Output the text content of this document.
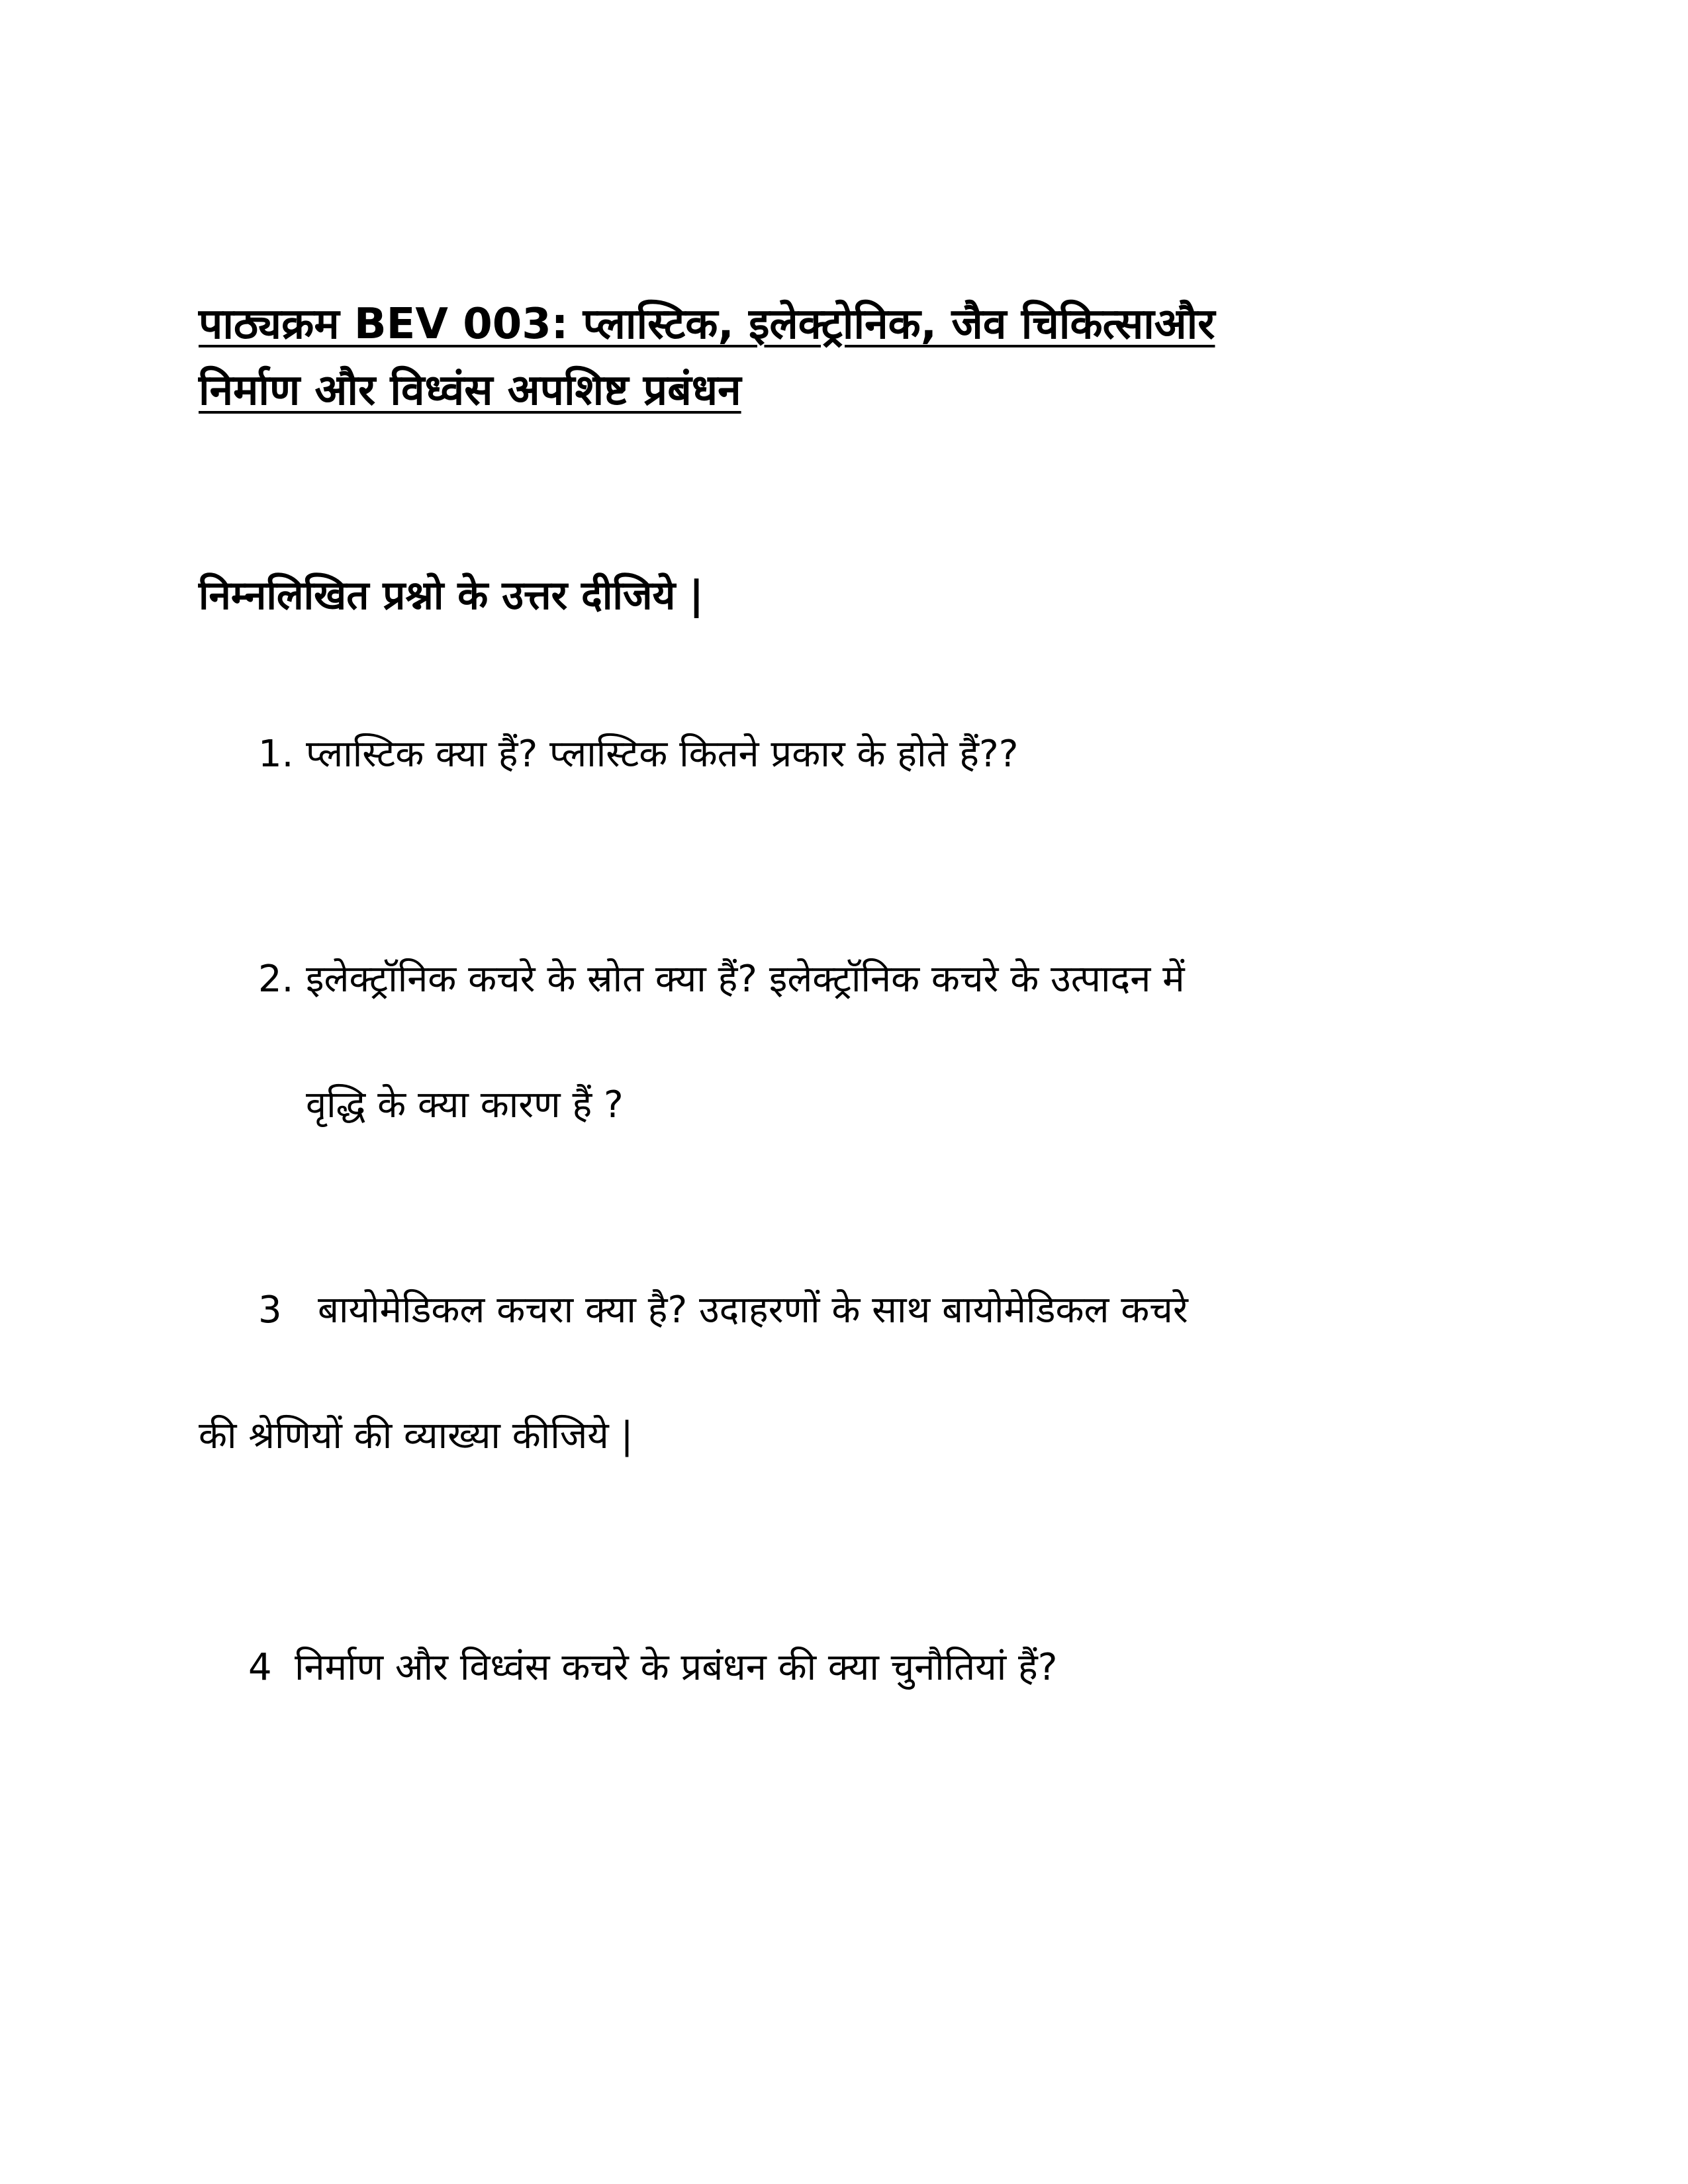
पाठ्यक्रम BEV 003: प्लास्टिक, इलेक्ट्रोनिक, जैव चिकित्साऔर
निर्माण और विध्वंस अपशिष्ट प्रबंधन

निम्नलिखित प्रश्नो के उत्तर दीजिये |

1. प्लास्टिक क्या हैं? प्लास्टिक कितने प्रकार के होते हैं??

2. इलेक्ट्रॉनिक कचरे के स्रोत क्या हैं? इलेक्ट्रॉनिक कचरे के उत्पादन में

वृद्धि के क्या कारण हैं ?

3 बायोमेडिकल कचरा क्या है? उदाहरणों के साथ बायोमेडिकल कचरे

की श्रेणियों की व्याख्या कीजिये |

4 निर्माण और विध्वंस कचरे के प्रबंधन की क्या चुनौतियां हैं?
